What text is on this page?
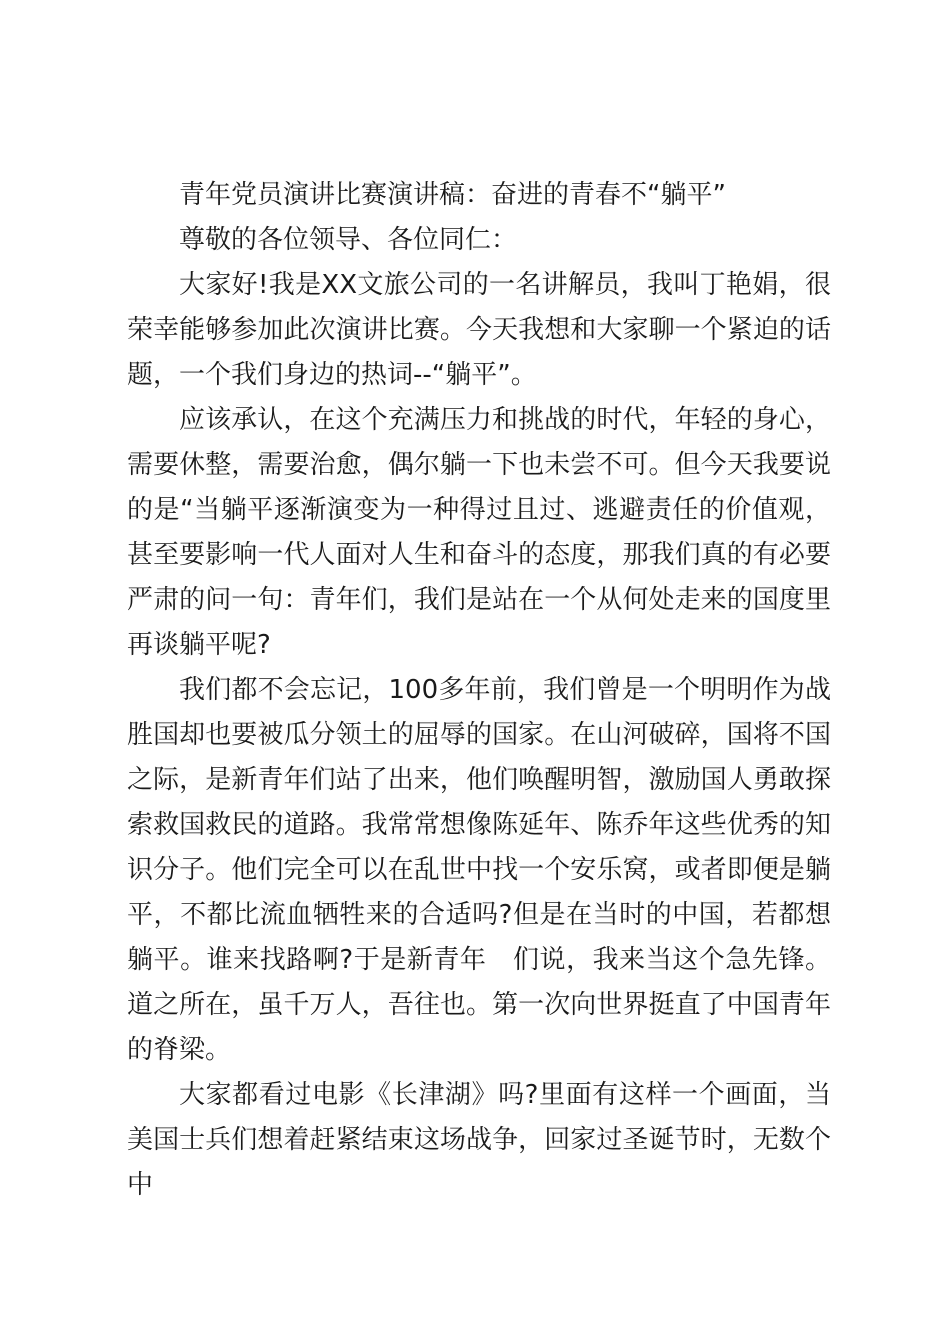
青年党员演讲比赛演讲稿：奋进的青春不“躺平”

尊敬的各位领导、各位同仁：

大家好!我是XX文旅公司的一名讲解员，我叫丁艳娟，很荣幸能够参加此次演讲比赛。今天我想和大家聊一个紧迫的话题，一个我们身边的热词--“躺平”。

应该承认，在这个充满压力和挑战的时代，年轻的身心，需要休整，需要治愈，偶尔躺一下也未尝不可。但今天我要说的是“当躺平逐渐演变为一种得过且过、逃避责任的价值观，甚至要影响一代人面对人生和奋斗的态度，那我们真的有必要严肃的问一句：青年们，我们是站在一个从何处走来的国度里再谈躺平呢?

我们都不会忘记，100多年前，我们曾是一个明明作为战胜国却也要被瓜分领土的屈辱的国家。在山河破碎，国将不国之际，是新青年们站了出来，他们唤醒明智，激励国人勇敢探索救国救民的道路。我常常想像陈延年、陈乔年这些优秀的知识分子。他们完全可以在乱世中找一个安乐窝，或者即便是躺平，不都比流血牺牲来的合适吗?但是在当时的中国，若都想躺平。谁来找路啊?于是新青年　们说，我来当这个急先锋。道之所在，虽千万人，吾往也。第一次向世界挺直了中国青年的脊梁。

大家都看过电影《长津湖》吗?里面有这样一个画面，当美国士兵们想着赶紧结束这场战争，回家过圣诞节时，无数个中
